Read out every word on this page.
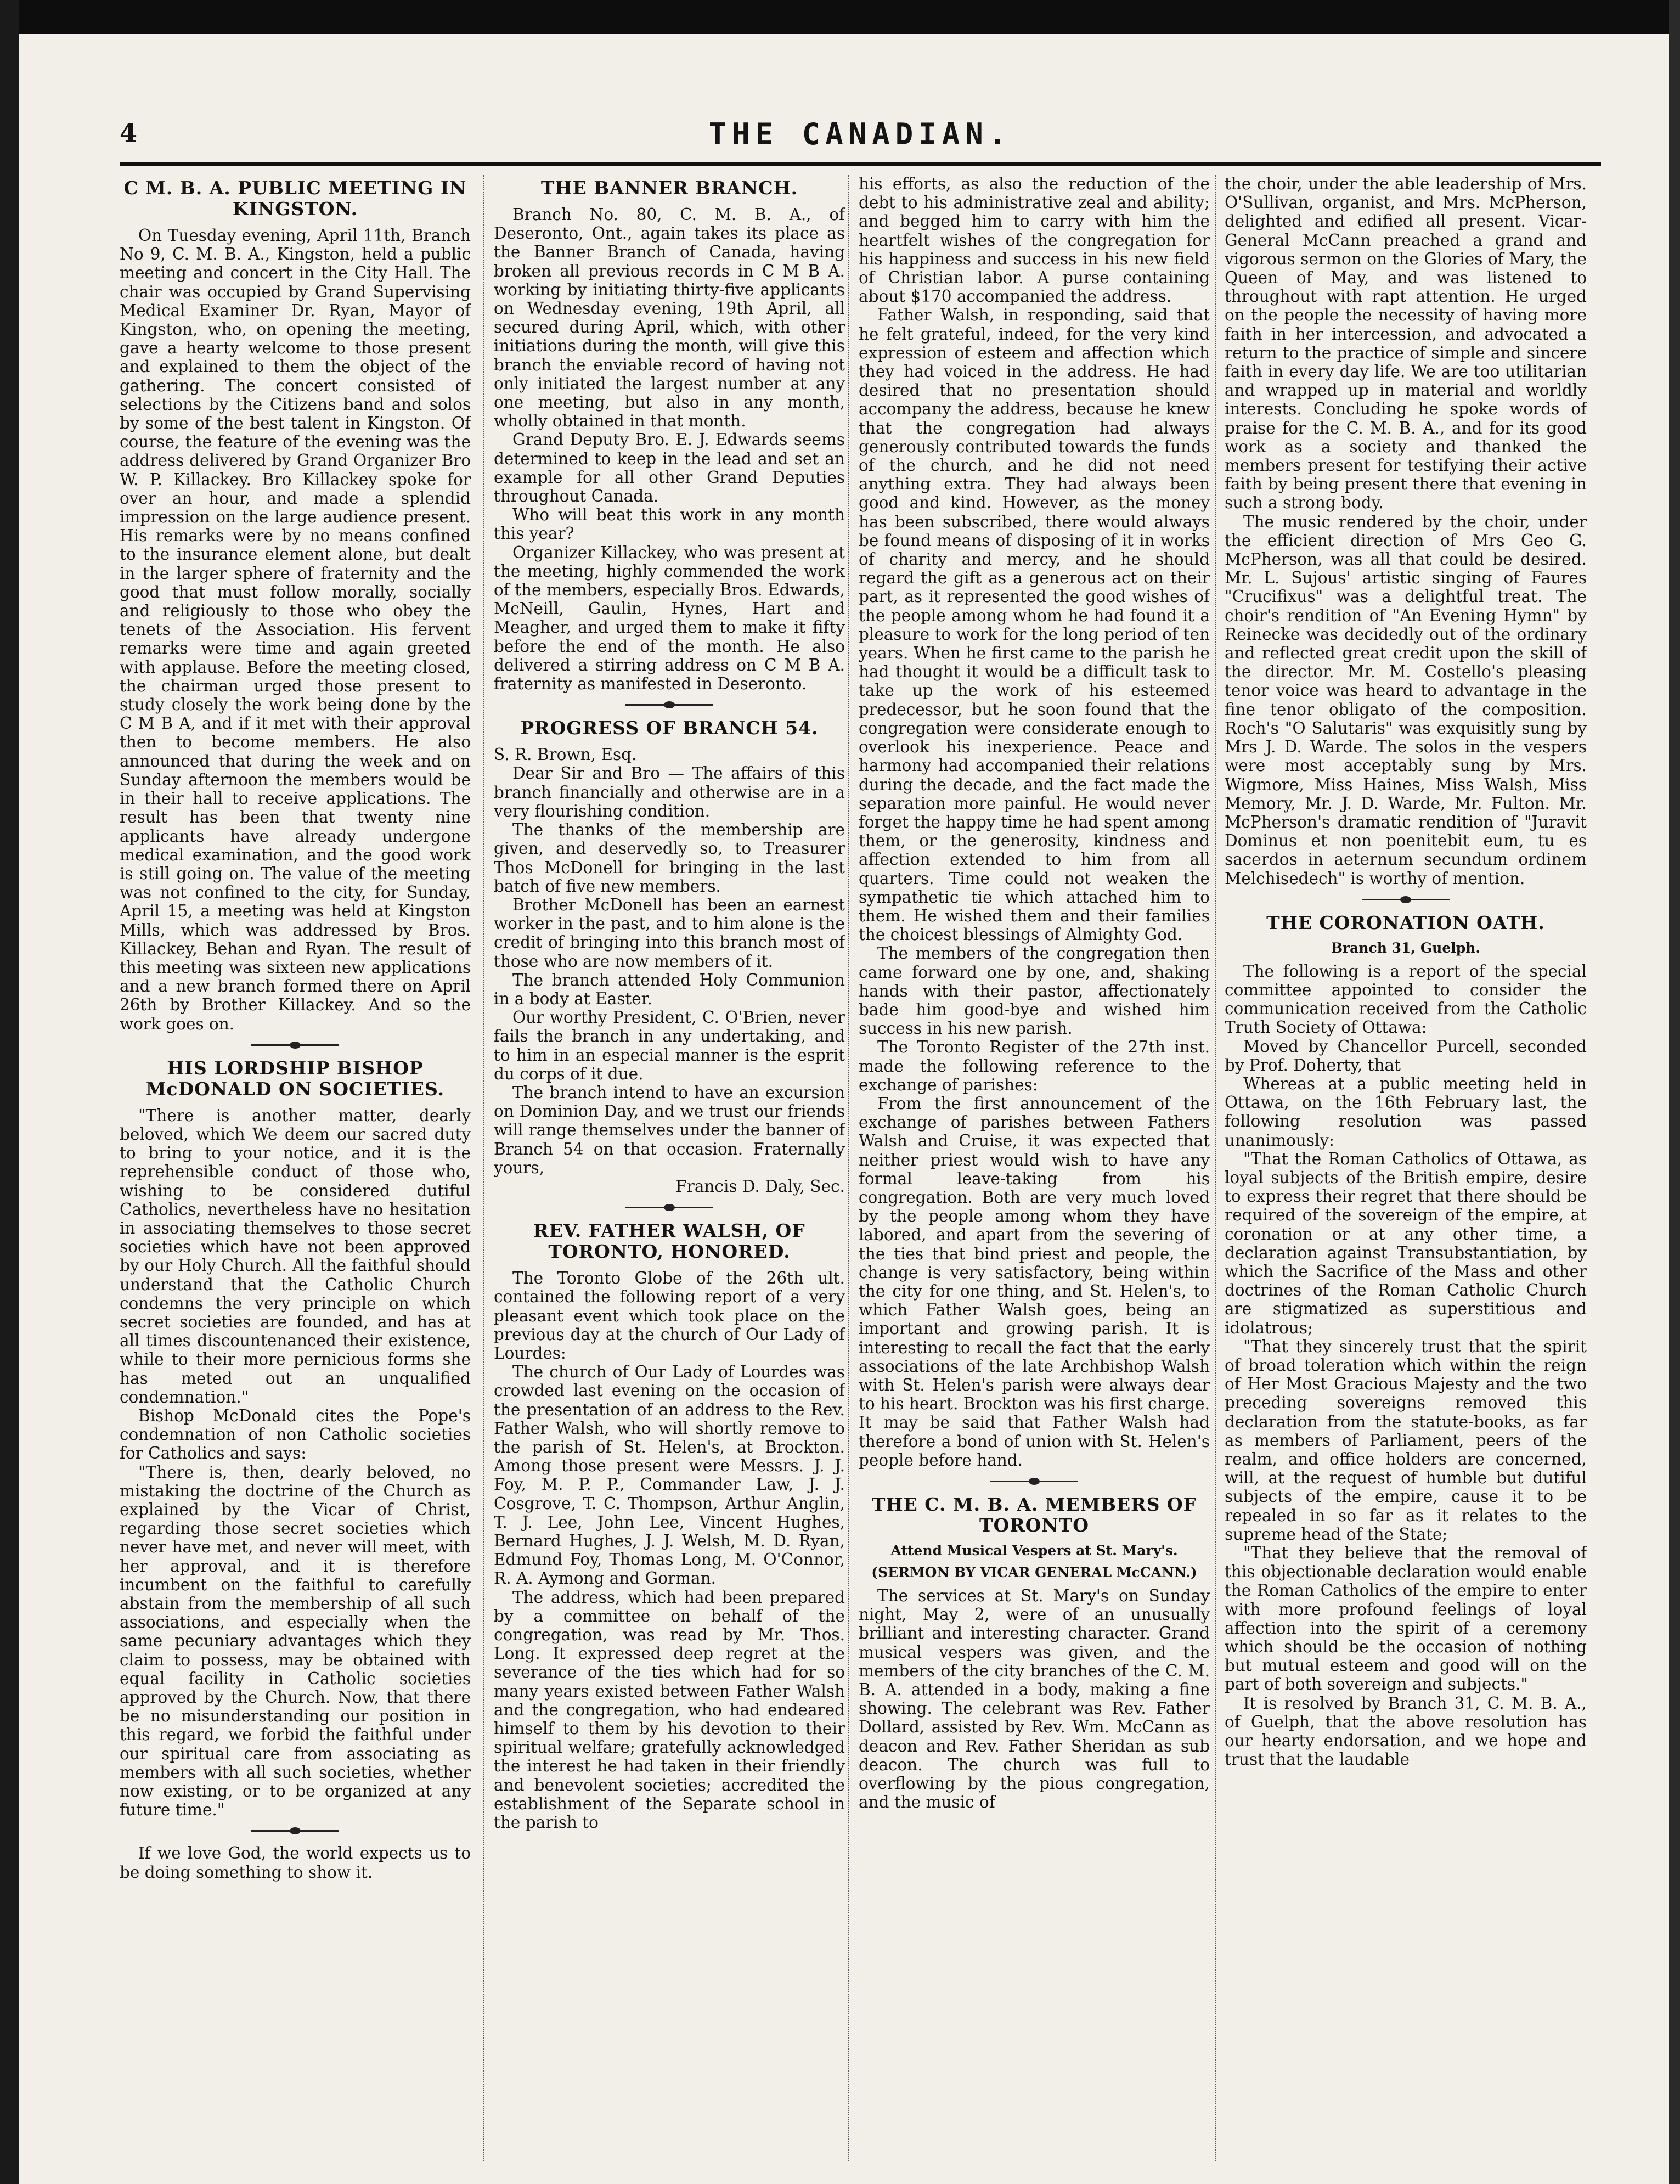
4	THE CANADIAN.
C M. B. A. PUBLIC MEETING IN KINGSTON.

On Tuesday evening, April 11th, Branch No 9, C. M. B. A., Kingston, held a public meeting and concert in the City Hall. The chair was occupied by Grand Supervising Medical Examiner Dr. Ryan, Mayor of Kingston, who, on opening the meeting, gave a hearty welcome to those present and explained to them the object of the gathering. The concert consisted of selections by the Citizens band and solos by some of the best talent in Kingston. Of course, the feature of the evening was the address delivered by Grand Organizer Bro W. P. Killackey. Bro Killackey spoke for over an hour, and made a splendid impression on the large audience present. His remarks were by no means confined to the insurance element alone, but dealt in the larger sphere of fraternity and the good that must follow morally, socially and religiously to those who obey the tenets of the Association. His fervent remarks were time and again greeted with applause. Before the meeting closed, the chairman urged those present to study closely the work being done by the C M B A, and if it met with their approval then to become members. He also announced that during the week and on Sunday afternoon the members would be in their hall to receive applications. The result has been that twenty nine applicants have already undergone medical examination, and the good work is still going on. The value of the meeting was not confined to the city, for Sunday, April 15, a meeting was held at Kingston Mills, which was addressed by Bros. Killackey, Behan and Ryan. The result of this meeting was sixteen new applications and a new branch formed there on April 26th by Brother Killackey. And so the work goes on.

HIS LORDSHIP BISHOP McDONALD ON SOCIETIES.

"There is another matter, dearly beloved, which We deem our sacred duty to bring to your notice, and it is the reprehensible conduct of those who, wishing to be considered dutiful Catholics, nevertheless have no hesitation in associating themselves to those secret societies which have not been approved by our Holy Church. All the faithful should understand that the Catholic Church condemns the very principle on which secret societies are founded, and has at all times discountenanced their existence, while to their more pernicious forms she has meted out an unqualified condemnation."

Bishop McDonald cites the Pope's condemnation of non Catholic societies for Catholics and says:

"There is, then, dearly beloved, no mistaking the doctrine of the Church as explained by the Vicar of Christ, regarding those secret societies which never have met, and never will meet, with her approval, and it is therefore incumbent on the faithful to carefully abstain from the membership of all such associations, and especially when the same pecuniary advantages which they claim to possess, may be obtained with equal facility in Catholic societies approved by the Church. Now, that there be no misunderstanding our position in this regard, we forbid the faithful under our spiritual care from associating as members with all such societies, whether now existing, or to be organized at any future time."

If we love God, the world expects us to be doing something to show it.

THE BANNER BRANCH.

Branch No. 80, C. M. B. A., of Deseronto, Ont., again takes its place as the Banner Branch of Canada, having broken all previous records in C M B A. working by initiating thirty-five applicants on Wednesday evening, 19th April, all secured during April, which, with other initiations during the month, will give this branch the enviable record of having not only initiated the largest number at any one meeting, but also in any month, wholly obtained in that month.

Grand Deputy Bro. E. J. Edwards seems determined to keep in the lead and set an example for all other Grand Deputies throughout Canada.

Who will beat this work in any month this year?

Organizer Killackey, who was present at the meeting, highly commended the work of the members, especially Bros. Edwards, McNeill, Gaulin, Hynes, Hart and Meagher, and urged them to make it fifty before the end of the month. He also delivered a stirring address on C M B A. fraternity as manifested in Deseronto.

PROGRESS OF BRANCH 54.

S. R. Brown, Esq.

Dear Sir and Bro — The affairs of this branch financially and otherwise are in a very flourishing condition.

The thanks of the membership are given, and deservedly so, to Treasurer Thos McDonell for bringing in the last batch of five new members.

Brother McDonell has been an earnest worker in the past, and to him alone is the credit of bringing into this branch most of those who are now members of it.

The branch attended Holy Communion in a body at Easter.

Our worthy President, C. O'Brien, never fails the branch in any undertaking, and to him in an especial manner is the esprit du corps of it due.

The branch intend to have an excursion on Dominion Day, and we trust our friends will range themselves under the banner of Branch 54 on that occasion. Fraternally yours,

Francis D. Daly, Sec.

REV. FATHER WALSH, OF TORONTO, HONORED.

The Toronto Globe of the 26th ult. contained the following report of a very pleasant event which took place on the previous day at the church of Our Lady of Lourdes:

The church of Our Lady of Lourdes was crowded last evening on the occasion of the presentation of an address to the Rev. Father Walsh, who will shortly remove to the parish of St. Helen's, at Brockton. Among those present were Messrs. J. J. Foy, M. P. P., Commander Law, J. J. Cosgrove, T. C. Thompson, Arthur Anglin, T. J. Lee, John Lee, Vincent Hughes, Bernard Hughes, J. J. Welsh, M. D. Ryan, Edmund Foy, Thomas Long, M. O'Connor, R. A. Aymong and Gorman.

The address, which had been prepared by a committee on behalf of the congregation, was read by Mr. Thos. Long. It expressed deep regret at the severance of the ties which had for so many years existed between Father Walsh and the congregation, who had endeared himself to them by his devotion to their spiritual welfare; gratefully acknowledged the interest he had taken in their friendly and benevolent societies; accredited the establishment of the Separate school in the parish to

his efforts, as also the reduction of the debt to his administrative zeal and ability; and begged him to carry with him the heartfelt wishes of the congregation for his happiness and success in his new field of Christian labor. A purse containing about $170 accompanied the address.

Father Walsh, in responding, said that he felt grateful, indeed, for the very kind expression of esteem and affection which they had voiced in the address. He had desired that no presentation should accompany the address, because he knew that the congregation had always generously contributed towards the funds of the church, and he did not need anything extra. They had always been good and kind. However, as the money has been subscribed, there would always be found means of disposing of it in works of charity and mercy, and he should regard the gift as a generous act on their part, as it represented the good wishes of the people among whom he had found it a pleasure to work for the long period of ten years. When he first came to the parish he had thought it would be a difficult task to take up the work of his esteemed predecessor, but he soon found that the congregation were considerate enough to overlook his inexperience. Peace and harmony had accompanied their relations during the decade, and the fact made the separation more painful. He would never forget the happy time he had spent among them, or the generosity, kindness and affection extended to him from all quarters. Time could not weaken the sympathetic tie which attached him to them. He wished them and their families the choicest blessings of Almighty God.

The members of the congregation then came forward one by one, and, shaking hands with their pastor, affectionately bade him good-bye and wished him success in his new parish.

The Toronto Register of the 27th inst. made the following reference to the exchange of parishes:

From the first announcement of the exchange of parishes between Fathers Walsh and Cruise, it was expected that neither priest would wish to have any formal leave-taking from his congregation. Both are very much loved by the people among whom they have labored, and apart from the severing of the ties that bind priest and people, the change is very satisfactory, being within the city for one thing, and St. Helen's, to which Father Walsh goes, being an important and growing parish. It is interesting to recall the fact that the early associations of the late Archbishop Walsh with St. Helen's parish were always dear to his heart. Brockton was his first charge. It may be said that Father Walsh had therefore a bond of union with St. Helen's people before hand.

THE C. M. B. A. MEMBERS OF TORONTO
Attend Musical Vespers at St. Mary's.
(SERMON BY VICAR GENERAL McCANN.)

The services at St. Mary's on Sunday night, May 2, were of an unusually brilliant and interesting character. Grand musical vespers was given, and the members of the city branches of the C. M. B. A. attended in a body, making a fine showing. The celebrant was Rev. Father Dollard, assisted by Rev. Wm. McCann as deacon and Rev. Father Sheridan as sub deacon. The church was full to overflowing by the pious congregation, and the music of

the choir, under the able leadership of Mrs. O'Sullivan, organist, and Mrs. McPherson, delighted and edified all present. Vicar-General McCann preached a grand and vigorous sermon on the Glories of Mary, the Queen of May, and was listened to throughout with rapt attention. He urged on the people the necessity of having more faith in her intercession, and advocated a return to the practice of simple and sincere faith in every day life. We are too utilitarian and wrapped up in material and worldly interests. Concluding he spoke words of praise for the C. M. B. A., and for its good work as a society and thanked the members present for testifying their active faith by being present there that evening in such a strong body.

The music rendered by the choir, under the efficient direction of Mrs Geo G. McPherson, was all that could be desired. Mr. L. Sujous' artistic singing of Faures "Crucifixus" was a delightful treat. The choir's rendition of "An Evening Hymn" by Reinecke was decidedly out of the ordinary and reflected great credit upon the skill of the director. Mr. M. Costello's pleasing tenor voice was heard to advantage in the fine tenor obligato of the composition. Roch's "O Salutaris" was exquisitly sung by Mrs J. D. Warde. The solos in the vespers were most acceptably sung by Mrs. Wigmore, Miss Haines, Miss Walsh, Miss Memory, Mr. J. D. Warde, Mr. Fulton. Mr. McPherson's dramatic rendition of "Juravit Dominus et non poenitebit eum, tu es sacerdos in aeternum secundum ordinem Melchisedech" is worthy of mention.

THE CORONATION OATH.
Branch 31, Guelph.

The following is a report of the special committee appointed to consider the communication received from the Catholic Truth Society of Ottawa:

Moved by Chancellor Purcell, seconded by Prof. Doherty, that

Whereas at a public meeting held in Ottawa, on the 16th February last, the following resolution was passed unanimously:

"That the Roman Catholics of Ottawa, as loyal subjects of the British empire, desire to express their regret that there should be required of the sovereign of the empire, at coronation or at any other time, a declaration against Transubstantiation, by which the Sacrifice of the Mass and other doctrines of the Roman Catholic Church are stigmatized as superstitious and idolatrous;

"That they sincerely trust that the spirit of broad toleration which within the reign of Her Most Gracious Majesty and the two preceding sovereigns removed this declaration from the statute-books, as far as members of Parliament, peers of the realm, and office holders are concerned, will, at the request of humble but dutiful subjects of the empire, cause it to be repealed in so far as it relates to the supreme head of the State;

"That they believe that the removal of this objectionable declaration would enable the Roman Catholics of the empire to enter with more profound feelings of loyal affection into the spirit of a ceremony which should be the occasion of nothing but mutual esteem and good will on the part of both sovereign and subjects."

It is resolved by Branch 31, C. M. B. A., of Guelph, that the above resolution has our hearty endorsation, and we hope and trust that the laudable
